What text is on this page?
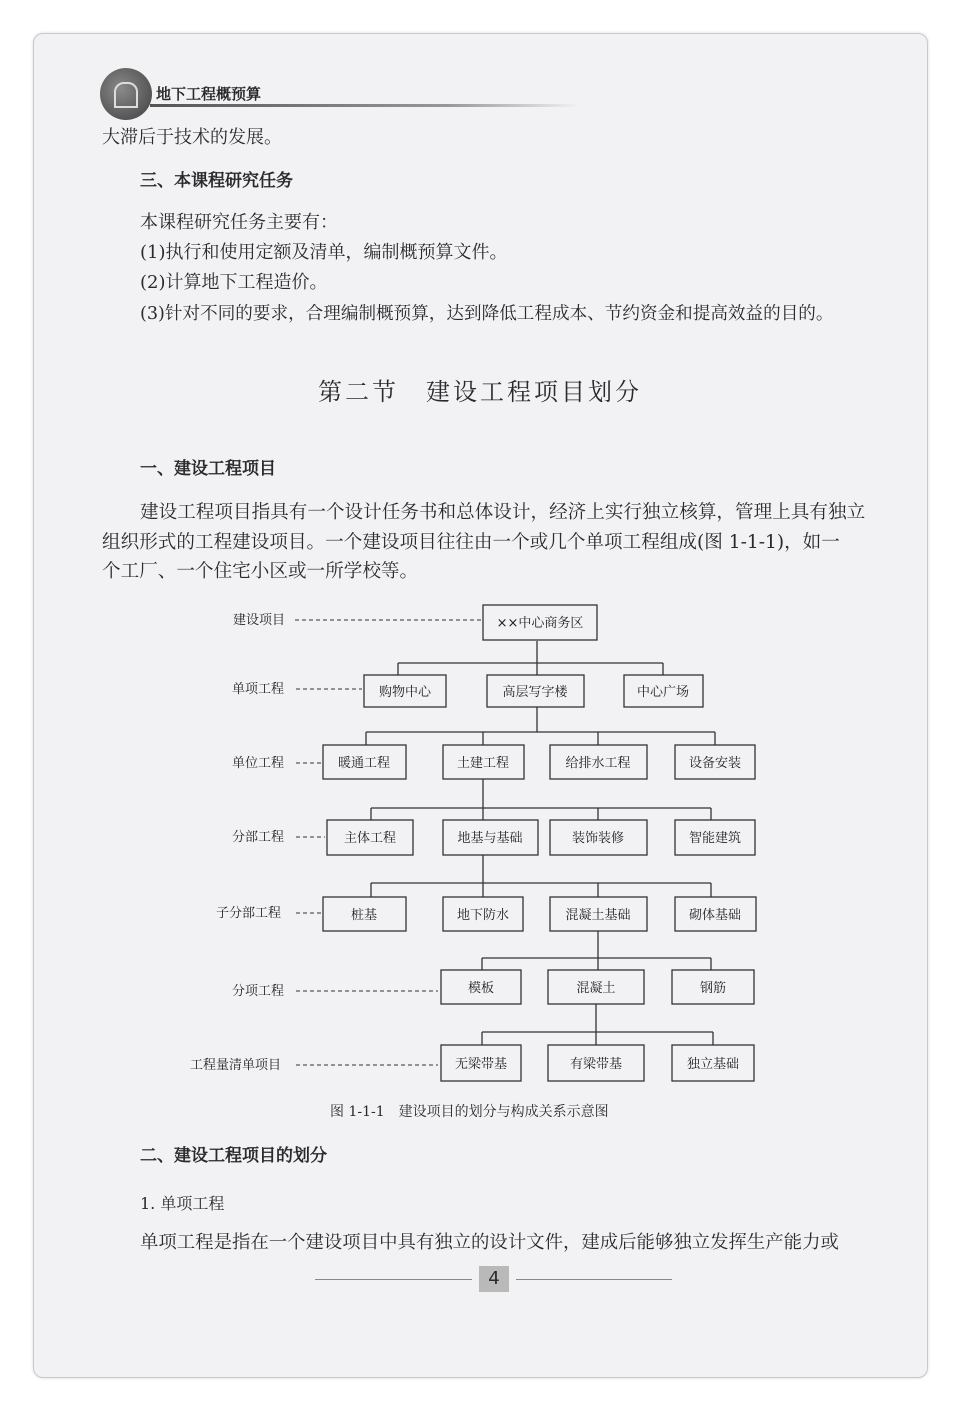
地下工程概预算
大滞后于技术的发展。
三、本课程研究任务
本课程研究任务主要有：
(1)执行和使用定额及清单，编制概预算文件。
(2)计算地下工程造价。
(3)针对不同的要求，合理编制概预算，达到降低工程成本、节约资金和提高效益的目的。
第二节　建设工程项目划分
一、建设工程项目
建设工程项目指具有一个设计任务书和总体设计，经济上实行独立核算，管理上具有独立
组织形式的工程建设项目。一个建设项目往往由一个或几个单项工程组成(图 1-1-1)，如一
个工厂、一个住宅小区或一所学校等。
建设项目
单项工程
单位工程
分部工程
子分部工程
分项工程
工程量清单项目
××中心商务区
购物中心	高层写字楼	中心广场
暖通工程	土建工程	给排水工程	设备安装
主体工程	地基与基础	装饰装修	智能建筑
桩基	地下防水	混凝土基础	砌体基础
模板	混凝土	钢筋
无梁带基	有梁带基	独立基础
图 1-1-1　建设项目的划分与构成关系示意图
二、建设工程项目的划分
1. 单项工程
单项工程是指在一个建设项目中具有独立的设计文件，建成后能够独立发挥生产能力或
4
